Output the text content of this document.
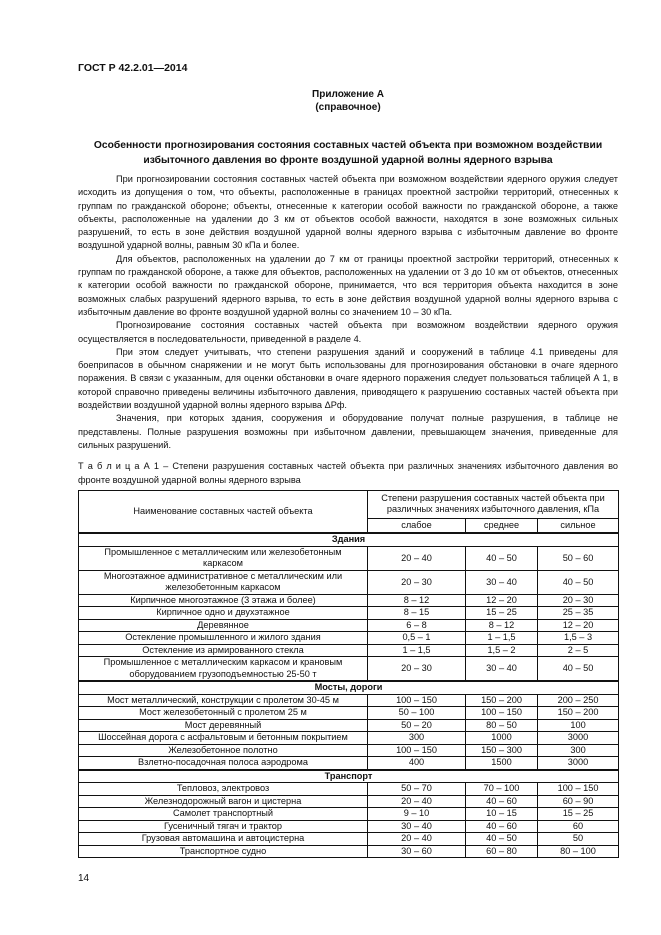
ГОСТ Р 42.2.01—2014
Приложение А
(справочное)
Особенности прогнозирования состояния составных частей объекта при возможном воздействии избыточного давления во фронте воздушной ударной волны ядерного взрыва

При прогнозировании состояния составных частей объекта при возможном воздействии ядерного оружия следует исходить из допущения о том, что объекты, расположенные в границах проектной застройки территорий, отнесенных к группам по гражданской обороне; объекты, отнесенные к категории особой важности по гражданской обороне, а также объекты, расположенные на удалении до 3 км от объектов особой важности, находятся в зоне возможных сильных разрушений, то есть в зоне действия воздушной ударной волны ядерного взрыва с избыточным давление во фронте воздушной ударной волны, равным 30 кПа и более.

Для объектов, расположенных на удалении до 7 км от границы проектной застройки территорий, отнесенных к группам по гражданской обороне, а также для объектов, расположенных на удалении от 3 до 10 км от объектов, отнесенных к категории особой важности по гражданской обороне, принимается, что вся территория объекта находится в зоне возможных слабых разрушений ядерного взрыва, то есть в зоне действия воздушной ударной волны ядерного взрыва с избыточным давление во фронте воздушной ударной волны со значением 10 – 30 кПа.

Прогнозирование состояния составных частей объекта при возможном воздействии ядерного оружия осуществляется в последовательности, приведенной в разделе 4.

При этом следует учитывать, что степени разрушения зданий и сооружений в таблице 4.1 приведены для боеприпасов в обычном снаряжении и не могут быть использованы для прогнозирования обстановки в очаге ядерного поражения. В связи с указанным, для оценки обстановки в очаге ядерного поражения следует пользоваться таблицей А 1, в которой справочно приведены величины избыточного давления, приводящего к разрушению составных частей объекта при воздействии воздушной ударной волны ядерного взрыва ΔPф.

Значения, при которых здания, сооружения и оборудование получат полные разрушения, в таблице не представлены. Полные разрушения возможны при избыточном давлении, превышающем значения, приведенные для сильных разрушений.

Т а б л и ц а А 1 – Степени разрушения составных частей объекта при различных значениях избыточного давления во фронте воздушной ударной волны ядерного взрыва

Наименование составных частей объекта	Степени разрушения составных частей объекта при различных значениях избыточного давления, кПа		
	слабое	среднее	сильное
Здания			
Промышленное с металлическим или железобетонным каркасом	20 – 40	40 – 50	50 – 60
Многоэтажное административное с металлическим или железобетонным каркасом	20 – 30	30 – 40	40 – 50
Кирпичное многоэтажное (3 этажа и более)	8 – 12	12 – 20	20 – 30
Кирпичное одно и двухэтажное	8 – 15	15 – 25	25 – 35
Деревянное	6 – 8	8 – 12	12 – 20
Остекление промышленного и жилого здания	0,5 – 1	1 – 1,5	1,5 – 3
Остекление из армированного стекла	1 – 1,5	1,5 – 2	2 – 5
Промышленное с металлическим каркасом и крановым оборудованием грузоподъемностью 25-50 т	20 – 30	30 – 40	40 – 50
Мосты, дороги			
Мост металлический, конструкции с пролетом 30-45 м	100 – 150	150 – 200	200 – 250
Мост железобетонный с пролетом 25 м	50 – 100	100 – 150	150 – 200
Мост деревянный	50 – 20	80 – 50	100
Шоссейная дорога с асфальтовым и бетонным покрытием	300	1000	3000
Железобетонное полотно	100 – 150	150 – 300	300
Взлетно-посадочная полоса аэродрома	400	1500	3000
Транспорт			
Тепловоз, электровоз	50 – 70	70 – 100	100 – 150
Железнодорожный вагон и цистерна	20 – 40	40 – 60	60 – 90
Самолет транспортный	9 – 10	10 – 15	15 – 25
Гусеничный тягач и трактор	30 – 40	40 – 60	60
Грузовая автомашина и автоцистерна	20 – 40	40 – 50	50
Транспортное судно	30 – 60	60 – 80	80 – 100
14
